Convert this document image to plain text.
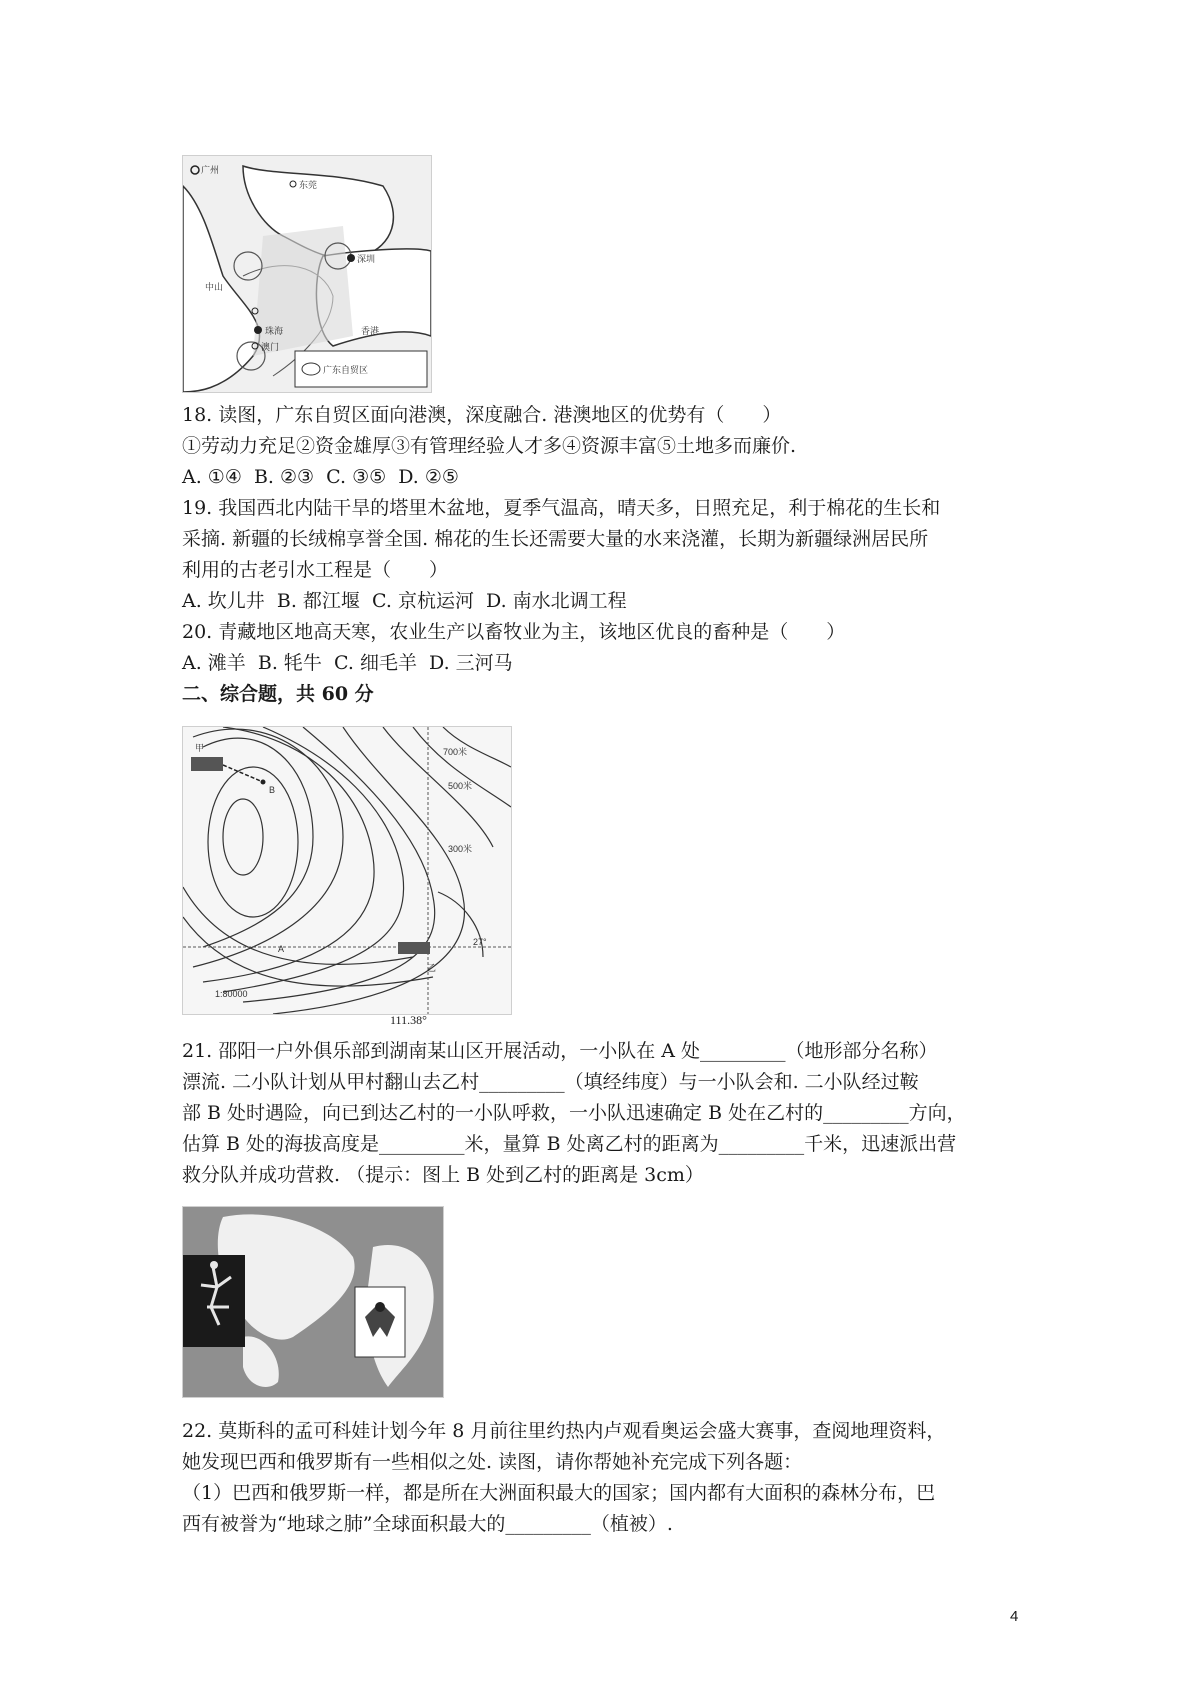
广州
东莞
中山
深圳
珠海
澳门
香港
广东自贸区
18. 读图，广东自贸区面向港澳，深度融合. 港澳地区的优势有（　　）
①劳动力充足②资金雄厚③有管理经验人才多④资源丰富⑤土地多而廉价.
A. ①④  B. ②③  C. ③⑤  D. ②⑤
19. 我国西北内陆干旱的塔里木盆地，夏季气温高，晴天多，日照充足，利于棉花的生长和
采摘. 新疆的长绒棉享誉全国. 棉花的生长还需要大量的水来浇灌，长期为新疆绿洲居民所
利用的古老引水工程是（　　）
A. 坎儿井  B. 都江堰  C. 京杭运河  D. 南水北调工程
20. 青藏地区地高天寒，农业生产以畜牧业为主，该地区优良的畜种是（　　）
A. 滩羊  B. 牦牛  C. 细毛羊  D. 三河马
二、综合题，共 60 分
甲
乙
A
B
700米
500米
300米
27°
1:80000
111.38°
21. 邵阳一户外俱乐部到湖南某山区开展活动，一小队在 A 处_________（地形部分名称）
漂流. 二小队计划从甲村翻山去乙村_________（填经纬度）与一小队会和. 二小队经过鞍
部 B 处时遇险，向已到达乙村的一小队呼救，一小队迅速确定 B 处在乙村的_________方向，
估算 B 处的海拔高度是_________米，量算 B 处离乙村的距离为_________千米，迅速派出营
救分队并成功营救. （提示：图上 B 处到乙村的距离是 3cm）
22. 莫斯科的孟可科娃计划今年 8 月前往里约热内卢观看奥运会盛大赛事，查阅地理资料，
她发现巴西和俄罗斯有一些相似之处. 读图，请你帮她补充完成下列各题：
（1）巴西和俄罗斯一样，都是所在大洲面积最大的国家；国内都有大面积的森林分布，巴
西有被誉为“地球之肺”全球面积最大的_________（植被）.
4
